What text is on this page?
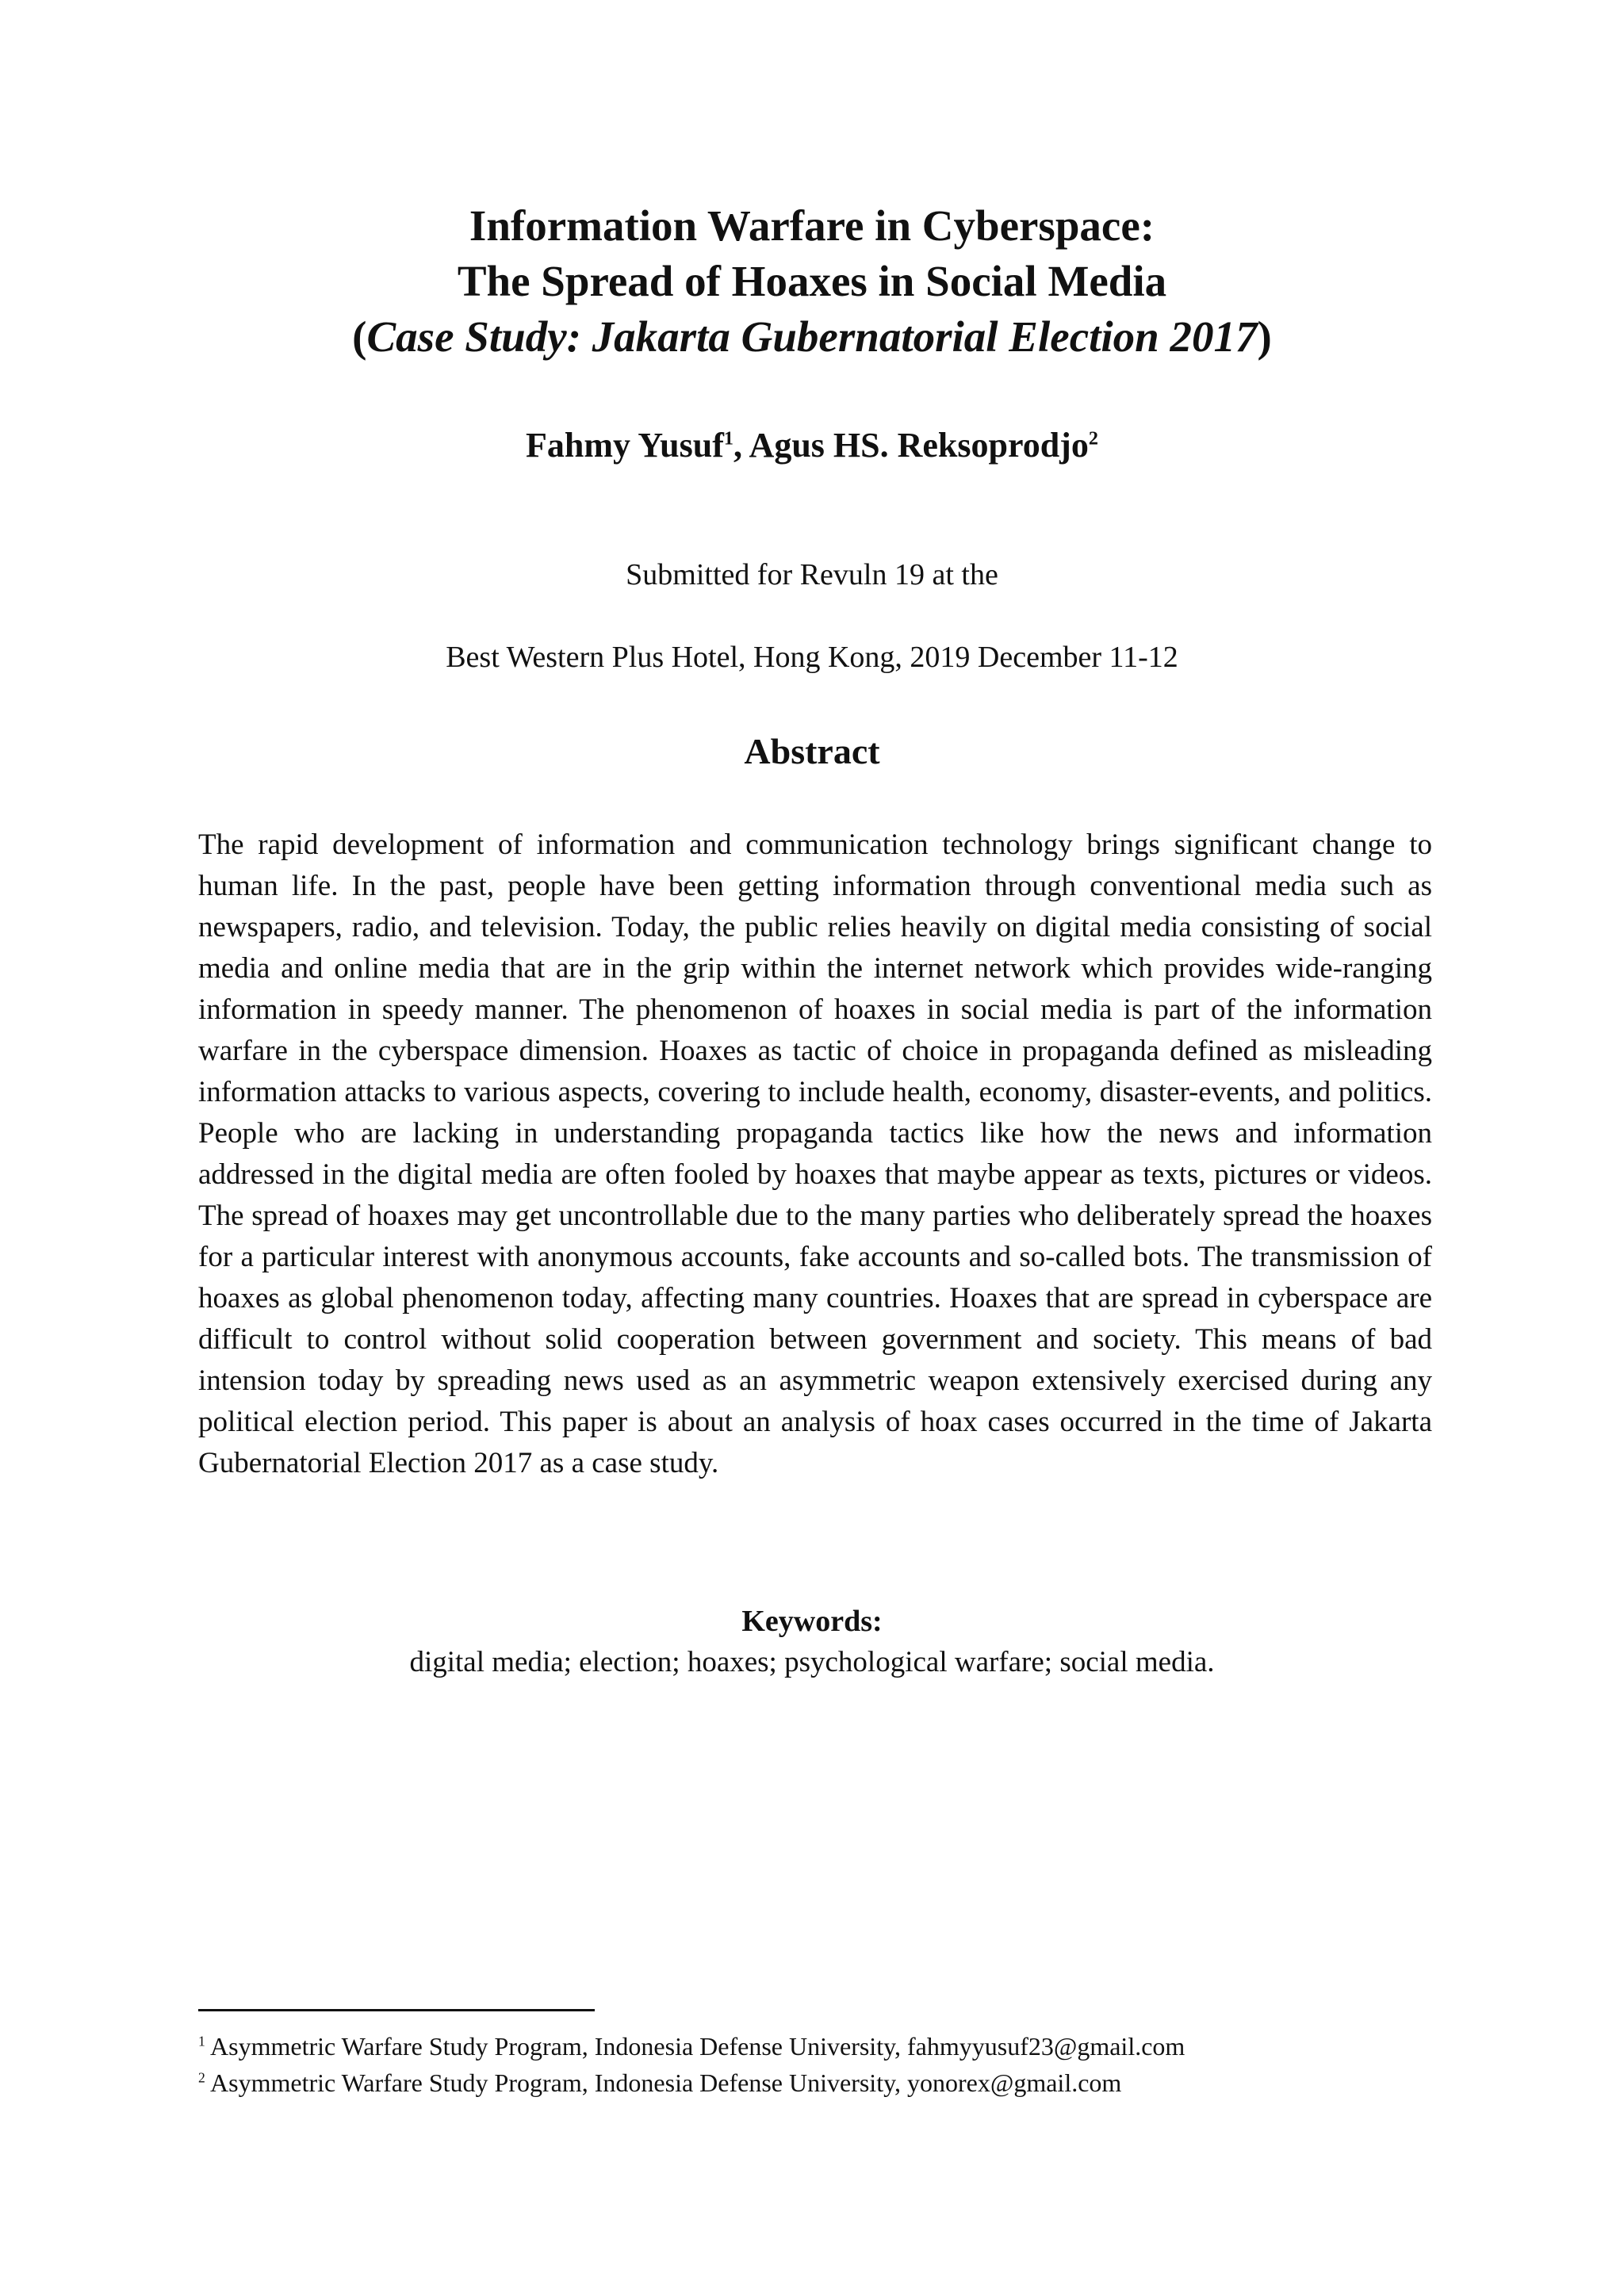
Information Warfare in Cyberspace:
The Spread of Hoaxes in Social Media
(Case Study: Jakarta Gubernatorial Election 2017)
Fahmy Yusuf$^1$, Agus HS. Reksoprodjo$^2$
Submitted for Revuln 19 at the
Best Western Plus Hotel, Hong Kong, 2019 December 11-12
Abstract

The rapid development of information and communication technology brings significant change to human life. In the past, people have been getting information through conventional media such as newspapers, radio, and television. Today, the public relies heavily on digital media consisting of social media and online media that are in the grip within the internet network which provides wide-ranging information in speedy manner. The phenomenon of hoaxes in social media is part of the information warfare in the cyberspace dimension. Hoaxes as tactic of choice in propaganda defined as misleading information attacks to various aspects, covering to include health, economy, disaster-events, and politics. People who are lacking in understanding propaganda tactics like how the news and information addressed in the digital media are often fooled by hoaxes that maybe appear as texts, pictures or videos. The spread of hoaxes may get uncontrollable due to the many parties who deliberately spread the hoaxes for a particular interest with anonymous accounts, fake accounts and so-called bots. The transmission of hoaxes as global phenomenon today, affecting many countries. Hoaxes that are spread in cyberspace are difficult to control without solid cooperation between government and society. This means of bad intension today by spreading news used as an asymmetric weapon extensively exercised during any political election period. This paper is about an analysis of hoax cases occurred in the time of Jakarta Gubernatorial Election 2017 as a case study.

Keywords:
digital media; election; hoaxes; psychological warfare; social media.
$^1$ Asymmetric Warfare Study Program, Indonesia Defense University, fahmyyusuf23@gmail.com
$^2$ Asymmetric Warfare Study Program, Indonesia Defense University, yonorex@gmail.com
